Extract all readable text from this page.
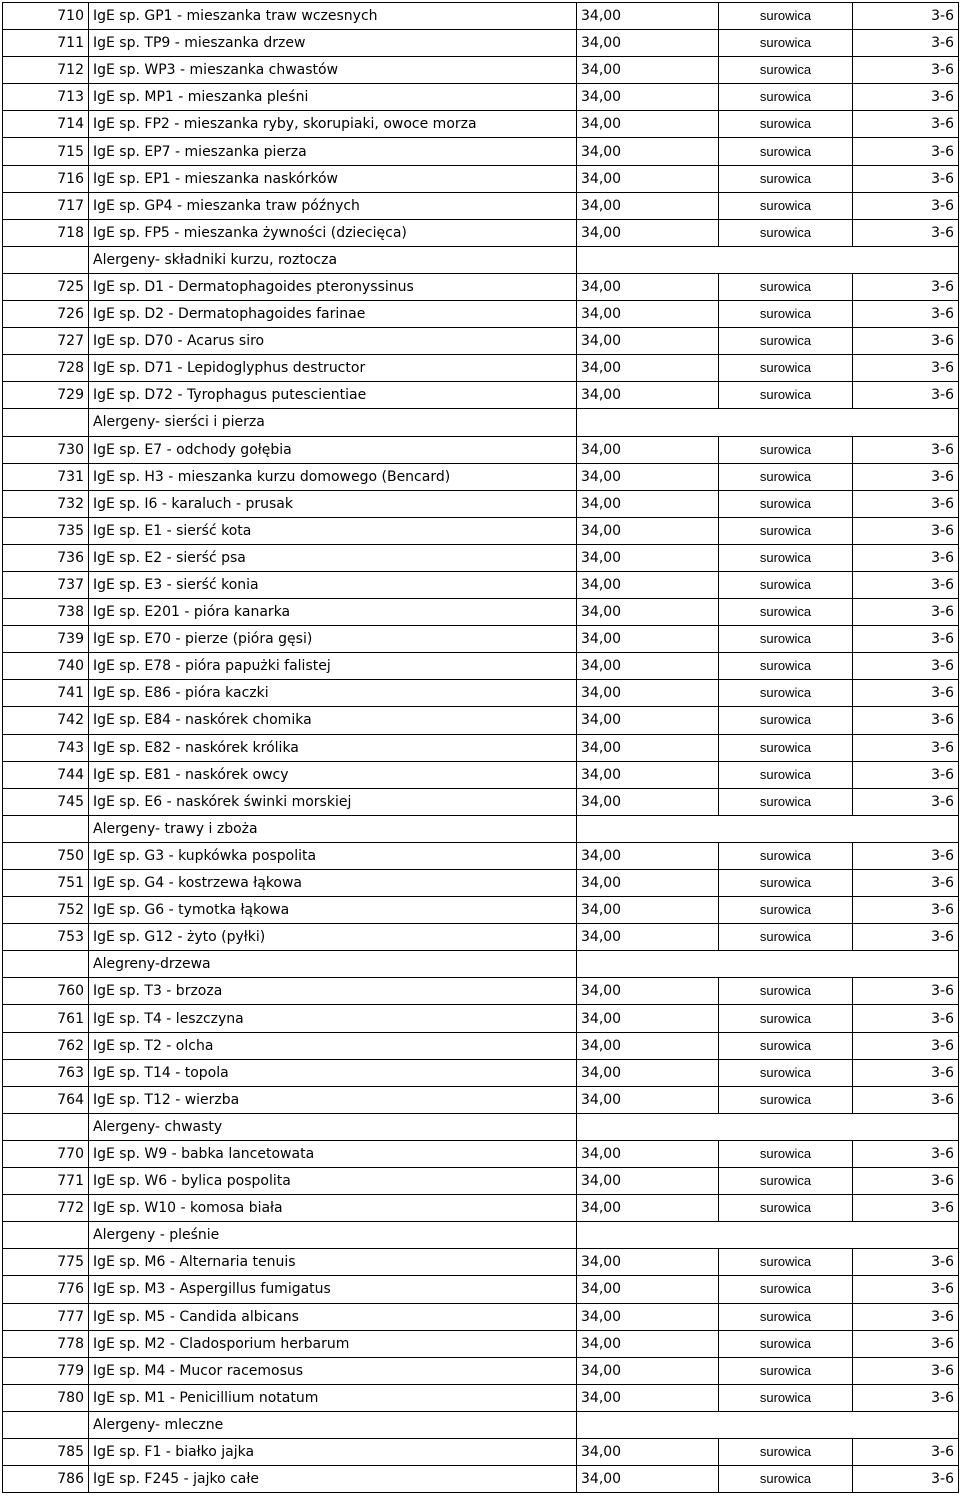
710	IgE sp. GP1 - mieszanka traw wczesnych	34,00	surowica	3-6
711	IgE sp. TP9 - mieszanka drzew	34,00	surowica	3-6
712	IgE sp. WP3 - mieszanka chwastów	34,00	surowica	3-6
713	IgE sp. MP1 - mieszanka pleśni	34,00	surowica	3-6
714	IgE sp. FP2 - mieszanka ryby, skorupiaki, owoce morza	34,00	surowica	3-6
715	IgE sp. EP7 - mieszanka pierza	34,00	surowica	3-6
716	IgE sp. EP1 - mieszanka naskórków	34,00	surowica	3-6
717	IgE sp. GP4 - mieszanka traw późnych	34,00	surowica	3-6
718	IgE sp. FP5 - mieszanka żywności (dziecięca)	34,00	surowica	3-6
	Alergeny- składniki kurzu, roztocza			
725	IgE sp. D1 - Dermatophagoides pteronyssinus	34,00	surowica	3-6
726	IgE sp. D2 - Dermatophagoides farinae	34,00	surowica	3-6
727	IgE sp. D70 - Acarus siro	34,00	surowica	3-6
728	IgE sp. D71 - Lepidoglyphus destructor	34,00	surowica	3-6
729	IgE sp. D72 - Tyrophagus putescientiae	34,00	surowica	3-6
	Alergeny- sierści i pierza			
730	IgE sp. E7 - odchody gołębia	34,00	surowica	3-6
731	IgE sp. H3 - mieszanka kurzu domowego (Bencard)	34,00	surowica	3-6
732	IgE sp. I6 - karaluch - prusak	34,00	surowica	3-6
735	IgE sp. E1 - sierść kota	34,00	surowica	3-6
736	IgE sp. E2 - sierść psa	34,00	surowica	3-6
737	IgE sp. E3 - sierść konia	34,00	surowica	3-6
738	IgE sp. E201 - pióra kanarka	34,00	surowica	3-6
739	IgE sp. E70 - pierze (pióra gęsi)	34,00	surowica	3-6
740	IgE sp. E78 - pióra papużki falistej	34,00	surowica	3-6
741	IgE sp. E86 - pióra kaczki	34,00	surowica	3-6
742	IgE sp. E84 - naskórek chomika	34,00	surowica	3-6
743	IgE sp. E82 - naskórek królika	34,00	surowica	3-6
744	IgE sp. E81 - naskórek owcy	34,00	surowica	3-6
745	IgE sp. E6 - naskórek świnki morskiej	34,00	surowica	3-6
	Alergeny- trawy i zboża			
750	IgE sp. G3 - kupkówka pospolita	34,00	surowica	3-6
751	IgE sp. G4 - kostrzewa łąkowa	34,00	surowica	3-6
752	IgE sp. G6 - tymotka łąkowa	34,00	surowica	3-6
753	IgE sp. G12 - żyto (pyłki)	34,00	surowica	3-6
	Alegreny-drzewa			
760	IgE sp. T3 - brzoza	34,00	surowica	3-6
761	IgE sp. T4 - leszczyna	34,00	surowica	3-6
762	IgE sp. T2 - olcha	34,00	surowica	3-6
763	IgE sp. T14 - topola	34,00	surowica	3-6
764	IgE sp. T12 - wierzba	34,00	surowica	3-6
	Alergeny- chwasty			
770	IgE sp. W9 - babka lancetowata	34,00	surowica	3-6
771	IgE sp. W6 - bylica pospolita	34,00	surowica	3-6
772	IgE sp. W10 - komosa biała	34,00	surowica	3-6
	Alergeny - pleśnie			
775	IgE sp. M6 - Alternaria tenuis	34,00	surowica	3-6
776	IgE sp. M3 - Aspergillus fumigatus	34,00	surowica	3-6
777	IgE sp. M5 - Candida albicans	34,00	surowica	3-6
778	IgE sp. M2 - Cladosporium herbarum	34,00	surowica	3-6
779	IgE sp. M4 - Mucor racemosus	34,00	surowica	3-6
780	IgE sp. M1 - Penicillium notatum	34,00	surowica	3-6
	Alergeny- mleczne			
785	IgE sp. F1 - białko jajka	34,00	surowica	3-6
786	IgE sp. F245 - jajko całe	34,00	surowica	3-6
